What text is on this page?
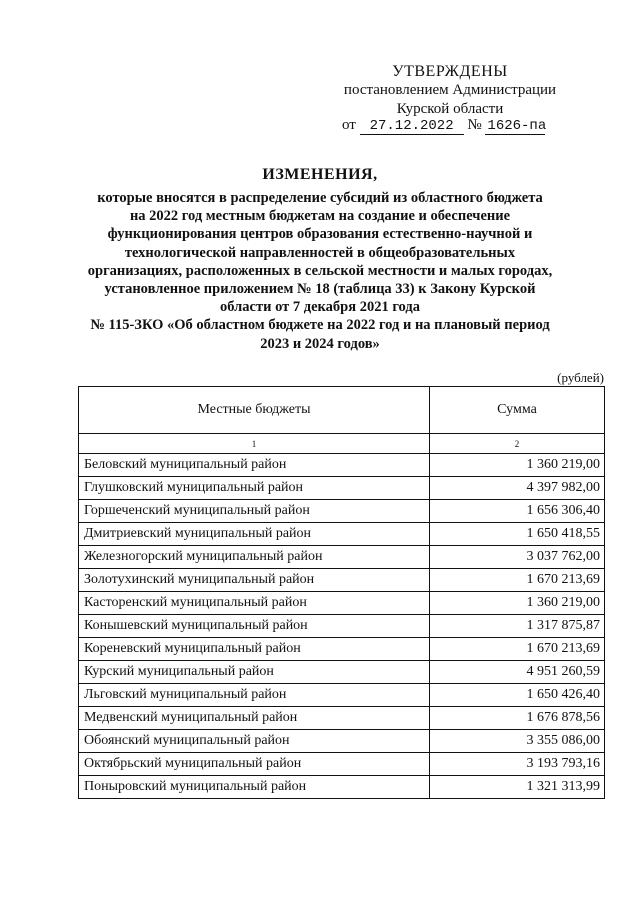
УТВЕРЖДЕНЫ
постановлением Администрации
Курской области
от 27.12.2022 № 1626-па
ИЗМЕНЕНИЯ,
которые вносятся в распределение субсидий из областного бюджета
на 2022 год местным бюджетам на создание и обеспечение
функционирования центров образования естественно-научной и
технологической направленностей в общеобразовательных
организациях, расположенных в сельской местности и малых городах,
установленное приложением № 18 (таблица 33) к Закону Курской
области от 7 декабря 2021 года
№ 115-ЗКО «Об областном бюджете на 2022 год и на плановый период
2023 и 2024 годов»
(рублей)
Местные бюджеты	Сумма
1	2
Беловский муниципальный район	1 360 219,00
Глушковский муниципальный район	4 397 982,00
Горшеченский муниципальный район	1 656 306,40
Дмитриевский муниципальный район	1 650 418,55
Железногорский муниципальный район	3 037 762,00
Золотухинский муниципальный район	1 670 213,69
Касторенский муниципальный район	1 360 219,00
Конышевский муниципальный район	1 317 875,87
Кореневский муниципальный район	1 670 213,69
Курский муниципальный район	4 951 260,59
Льговский муниципальный район	1 650 426,40
Медвенский муниципальный район	1 676 878,56
Обоянский муниципальный район	3 355 086,00
Октябрьский муниципальный район	3 193 793,16
Поныровский муниципальный район	1 321 313,99
